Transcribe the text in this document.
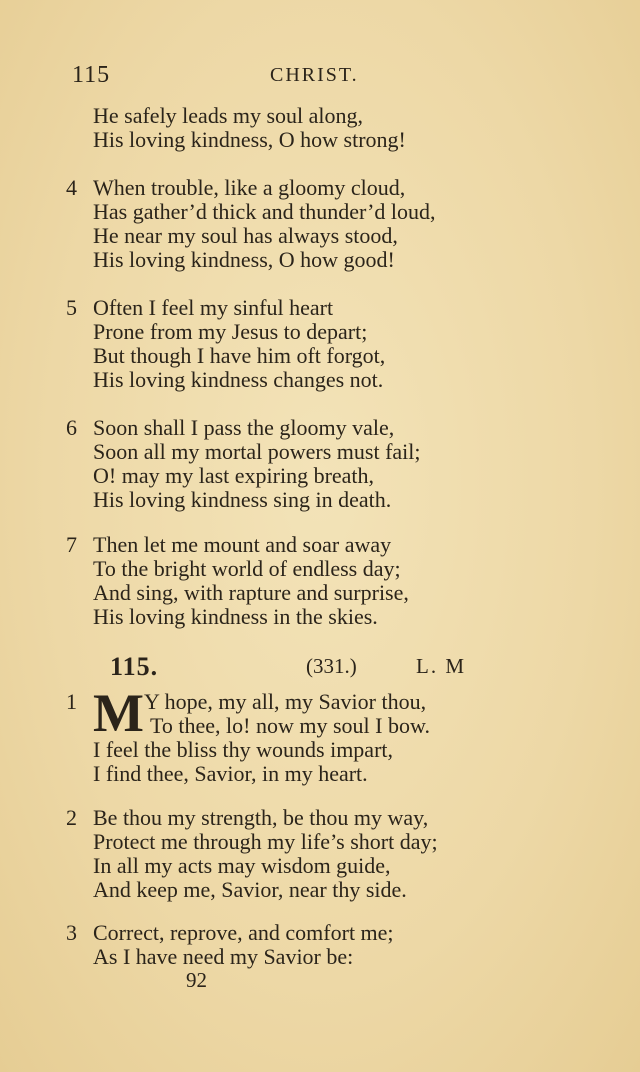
115	CHRIST.
He safely leads my soul along,
His loving kindness, O how strong!
4 When trouble, like a gloomy cloud,
Has gather’d thick and thunder’d loud,
He near my soul has always stood,
His loving kindness, O how good!
5 Often I feel my sinful heart
Prone from my Jesus to depart;
But though I have him oft forgot,
His loving kindness changes not.
6 Soon shall I pass the gloomy vale,
Soon all my mortal powers must fail;
O! may my last expiring breath,
His loving kindness sing in death.
7 Then let me mount and soar away
To the bright world of endless day;
And sing, with rapture and surprise,
His loving kindness in the skies.
115.	(331.)	L. M
M
1	Y hope, my all, my Savior thou,
To thee, lo! now my soul I bow.
I feel the bliss thy wounds impart,
I find thee, Savior, in my heart.
2 Be thou my strength, be thou my way,
Protect me through my life’s short day;
In all my acts may wisdom guide,
And keep me, Savior, near thy side.
3 Correct, reprove, and comfort me;
As I have need my Savior be:
92
